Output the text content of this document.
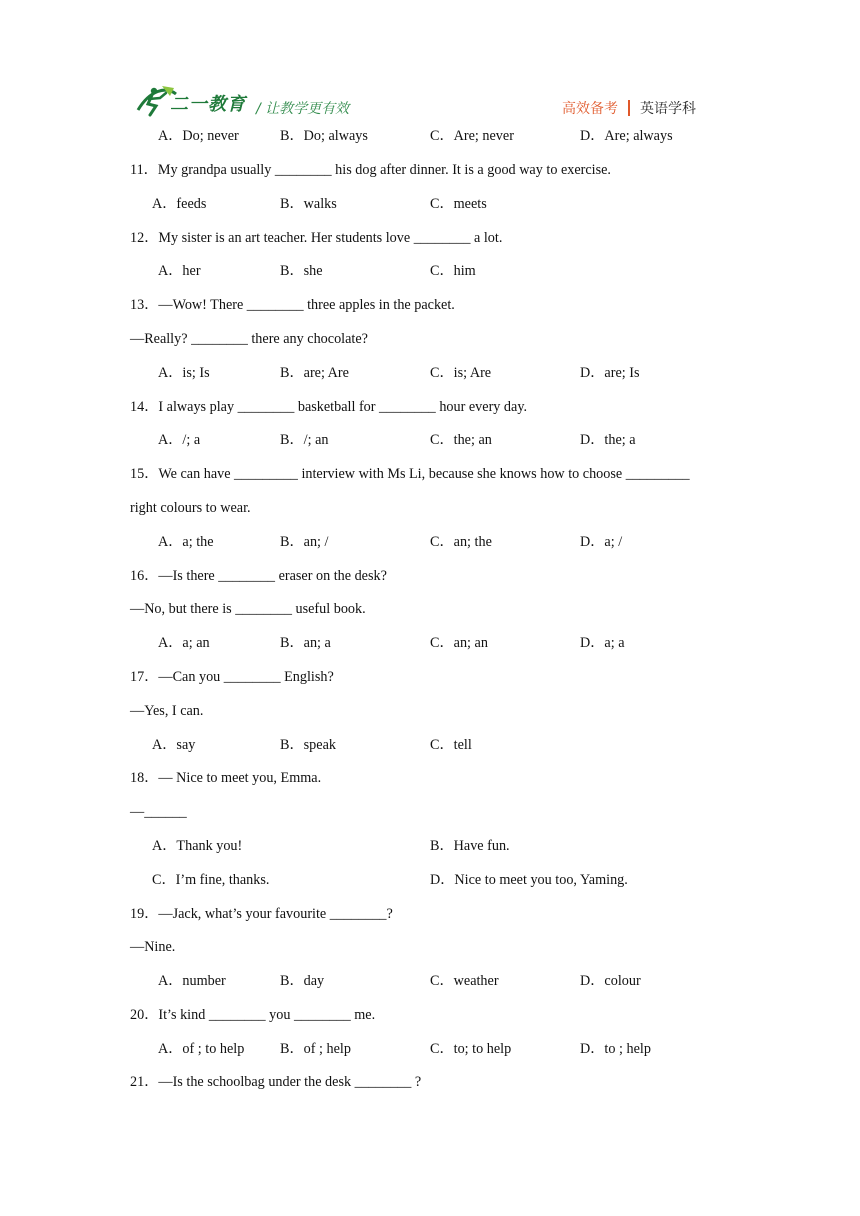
二一教育 / 让教学更有效	高效备考 英语学科
A．Do; never	B．Do; always	C．Are; never	D．Are; always
11．My grandpa usually ________ his dog after dinner. It is a good way to exercise.
A．feeds	B．walks	C．meets
12．My sister is an art teacher. Her students love ________ a lot.
A．her	B．she	C．him
13．—Wow! There ________ three apples in the packet.
—Really? ________ there any chocolate?
A．is; Is	B．are; Are	C．is; Are	D．are; Is
14．I always play ________ basketball for ________ hour every day.
A．/; a	B．/; an	C．the; an	D．the; a
15．We can have _________ interview with Ms Li, because she knows how to choose _________
right colours to wear.
A．a; the	B．an; /	C．an; the	D．a; /
16．—Is there ________ eraser on the desk?
—No, but there is ________ useful book.
A．a; an	B．an; a	C．an; an	D．a; a
17．—Can you ________ English?
—Yes, I can.
A．say	B．speak	C．tell
18．— Nice to meet you, Emma.
—______
A．Thank you!	B．Have fun.
C．I’m fine, thanks.	D．Nice to meet you too, Yaming.
19．—Jack, what’s your favourite ________?
—Nine.
A．number	B．day	C．weather	D．colour
20．It’s kind ________ you ________ me.
A．of ; to help	B．of ; help	C．to; to help	D．to ; help
21．—Is the schoolbag under the desk ________ ?
